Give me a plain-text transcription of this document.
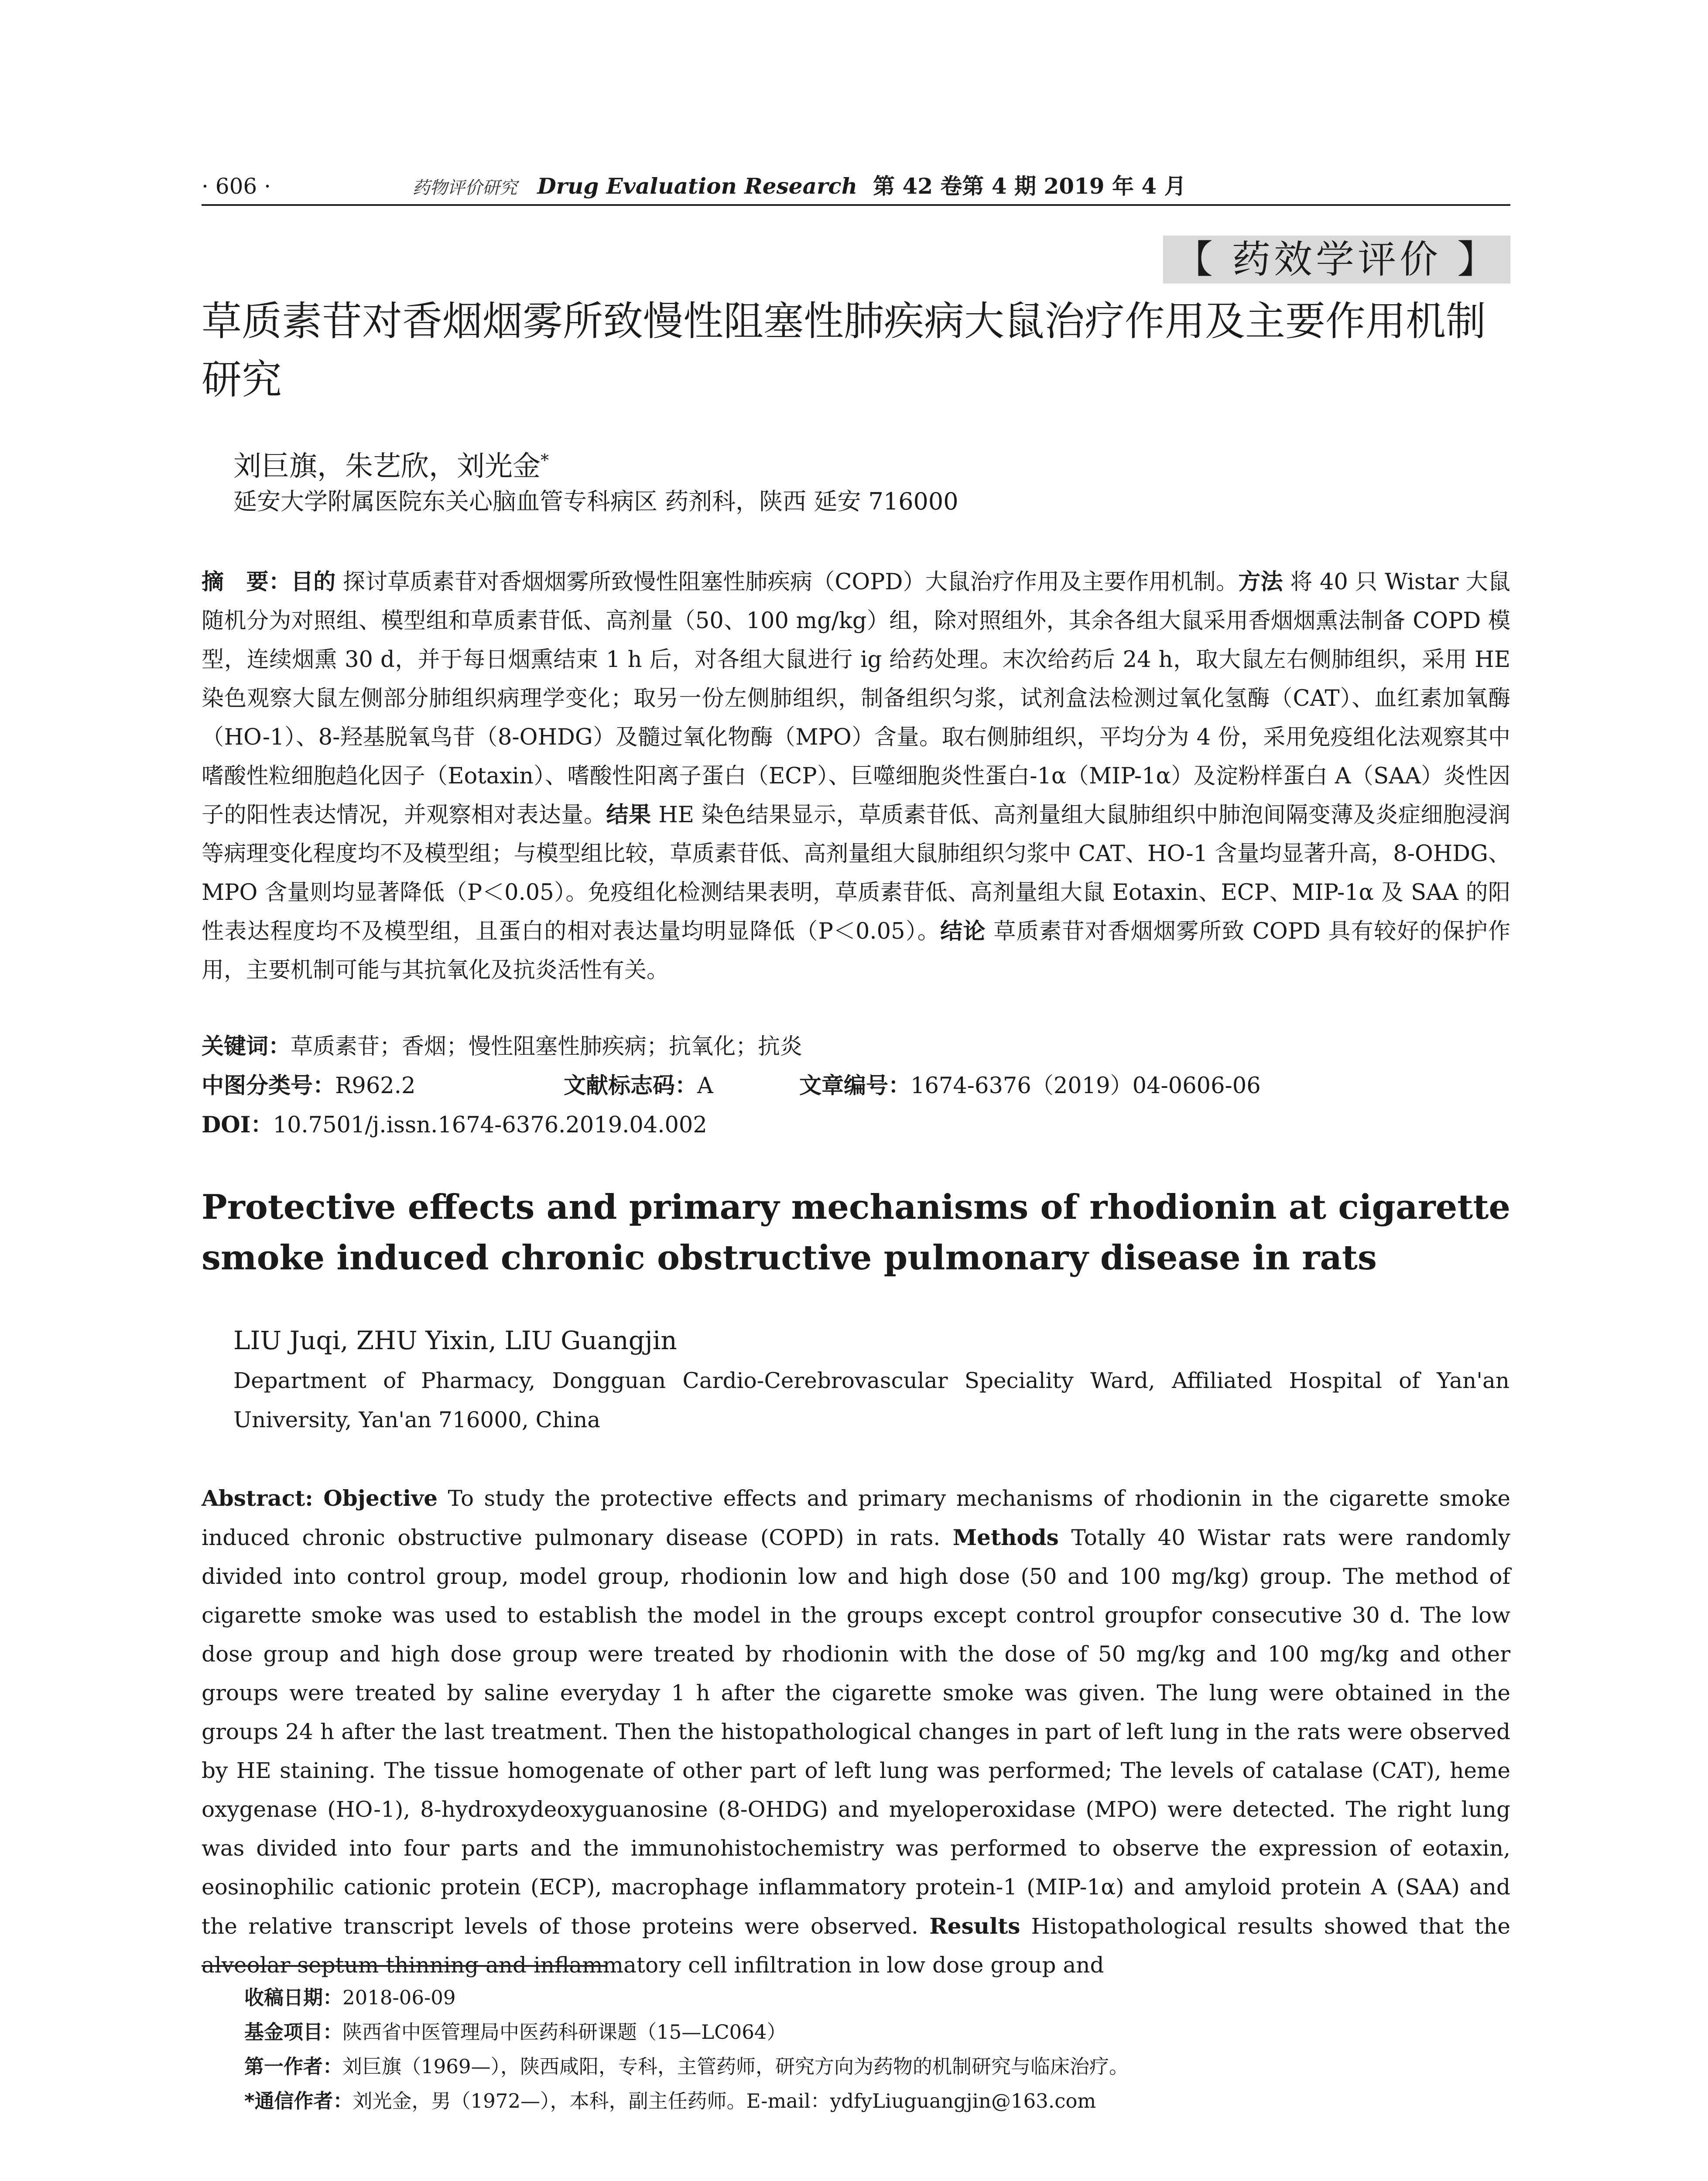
· 606 ·	药物评价研究 Drug Evaluation Research 第 42 卷第 4 期 2019 年 4 月
【 药效学评价 】
草质素苷对香烟烟雾所致慢性阻塞性肺疾病大鼠治疗作用及主要作用机制研究
刘巨旗，朱艺欣，刘光金*
延安大学附属医院东关心脑血管专科病区 药剂科，陕西 延安 716000
摘　要：目的 探讨草质素苷对香烟烟雾所致慢性阻塞性肺疾病（COPD）大鼠治疗作用及主要作用机制。方法 将 40 只 Wistar 大鼠随机分为对照组、模型组和草质素苷低、高剂量（50、100 mg/kg）组，除对照组外，其余各组大鼠采用香烟烟熏法制备 COPD 模型，连续烟熏 30 d，并于每日烟熏结束 1 h 后，对各组大鼠进行 ig 给药处理。末次给药后 24 h，取大鼠左右侧肺组织，采用 HE 染色观察大鼠左侧部分肺组织病理学变化；取另一份左侧肺组织，制备组织匀浆，试剂盒法检测过氧化氢酶（CAT）、血红素加氧酶（HO-1）、8-羟基脱氧鸟苷（8-OHDG）及髓过氧化物酶（MPO）含量。取右侧肺组织，平均分为 4 份，采用免疫组化法观察其中嗜酸性粒细胞趋化因子（Eotaxin）、嗜酸性阳离子蛋白（ECP）、巨噬细胞炎性蛋白-1α（MIP-1α）及淀粉样蛋白 A（SAA）炎性因子的阳性表达情况，并观察相对表达量。结果 HE 染色结果显示，草质素苷低、高剂量组大鼠肺组织中肺泡间隔变薄及炎症细胞浸润等病理变化程度均不及模型组；与模型组比较，草质素苷低、高剂量组大鼠肺组织匀浆中 CAT、HO-1 含量均显著升高，8-OHDG、MPO 含量则均显著降低（P＜0.05）。免疫组化检测结果表明，草质素苷低、高剂量组大鼠 Eotaxin、ECP、MIP-1α 及 SAA 的阳性表达程度均不及模型组，且蛋白的相对表达量均明显降低（P＜0.05）。结论 草质素苷对香烟烟雾所致 COPD 具有较好的保护作用，主要机制可能与其抗氧化及抗炎活性有关。
关键词：草质素苷；香烟；慢性阻塞性肺疾病；抗氧化；抗炎
中图分类号：R962.2	文献标志码：A	文章编号：1674-6376（2019）04-0606-06
DOI：10.7501/j.issn.1674-6376.2019.04.002
Protective effects and primary mechanisms of rhodionin at cigarette smoke induced chronic obstructive pulmonary disease in rats
LIU Juqi, ZHU Yixin, LIU Guangjin
Department of Pharmacy, Dongguan Cardio-Cerebrovascular Speciality Ward, Affiliated Hospital of Yan'an University, Yan'an 716000, China
Abstract: Objective To study the protective effects and primary mechanisms of rhodionin in the cigarette smoke induced chronic obstructive pulmonary disease (COPD) in rats. Methods Totally 40 Wistar rats were randomly divided into control group, model group, rhodionin low and high dose (50 and 100 mg/kg) group. The method of cigarette smoke was used to establish the model in the groups except control groupfor consecutive 30 d. The low dose group and high dose group were treated by rhodionin with the dose of 50 mg/kg and 100 mg/kg and other groups were treated by saline everyday 1 h after the cigarette smoke was given. The lung were obtained in the groups 24 h after the last treatment. Then the histopathological changes in part of left lung in the rats were observed by HE staining. The tissue homogenate of other part of left lung was performed; The levels of catalase (CAT), heme oxygenase (HO-1), 8-hydroxydeoxyguanosine (8-OHDG) and myeloperoxidase (MPO) were detected. The right lung was divided into four parts and the immunohistochemistry was performed to observe the expression of eotaxin, eosinophilic cationic protein (ECP), macrophage inflammatory protein-1 (MIP-1α) and amyloid protein A (SAA) and the relative transcript levels of those proteins were observed. Results Histopathological results showed that the alveolar septum thinning and inflammatory cell infiltration in low dose group and
收稿日期：2018-06-09
基金项目：陕西省中医管理局中医药科研课题（15—LC064）
第一作者：刘巨旗（1969—），陕西咸阳，专科，主管药师，研究方向为药物的机制研究与临床治疗。
*通信作者：刘光金，男（1972—），本科，副主任药师。E-mail：ydfyLiuguangjin@163.com
